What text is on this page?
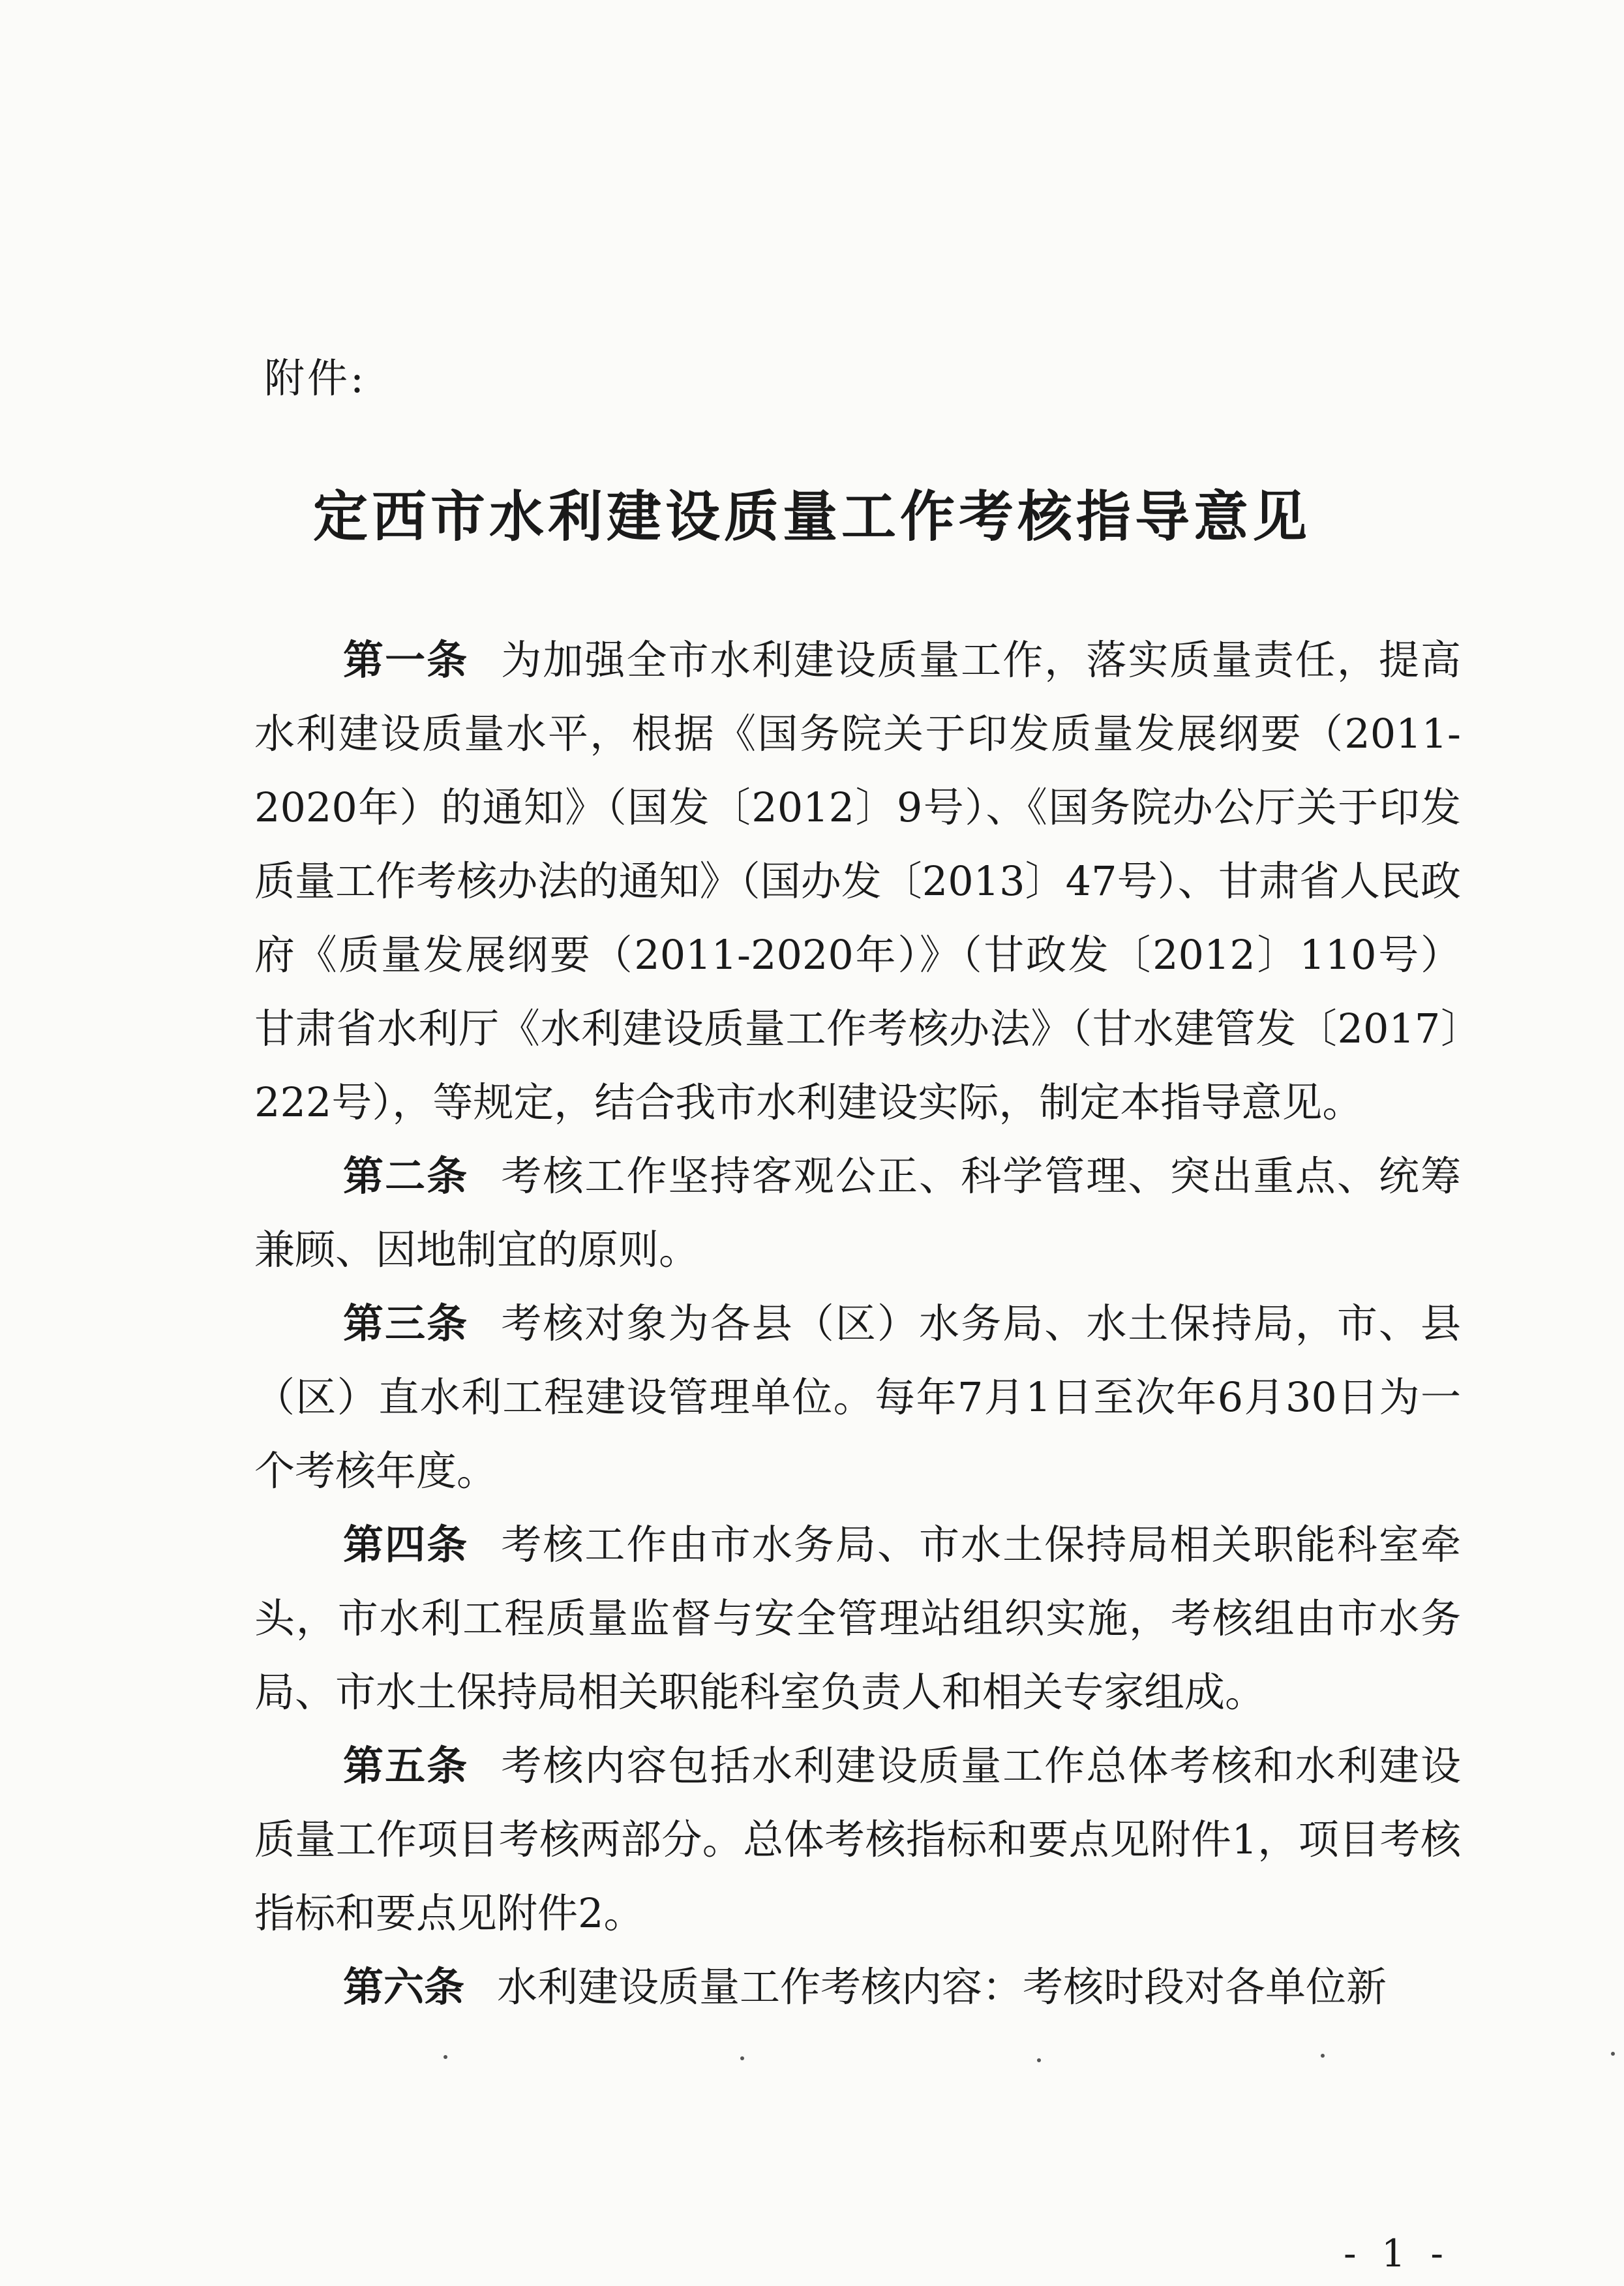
附件:
定西市水利建设质量工作考核指导意见

第一条 为加强全市水利建设质量工作，落实质量责任，提高水利建设质量水平，根据《国务院关于印发质量发展纲要（2011-2020年）的通知》（国发〔2012〕9号）、《国务院办公厅关于印发质量工作考核办法的通知》（国办发〔2013〕47号）、甘肃省人民政府《质量发展纲要（2011-2020年）》（甘政发〔2012〕110号）甘肃省水利厅《水利建设质量工作考核办法》（甘水建管发〔2017〕222号），等规定，结合我市水利建设实际，制定本指导意见。

第二条 考核工作坚持客观公正、科学管理、突出重点、统筹兼顾、因地制宜的原则。

第三条 考核对象为各县（区）水务局、水土保持局，市、县（区）直水利工程建设管理单位。每年7月1日至次年6月30日为一个考核年度。

第四条 考核工作由市水务局、市水土保持局相关职能科室牵头，市水利工程质量监督与安全管理站组织实施，考核组由市水务局、市水土保持局相关职能科室负责人和相关专家组成。

第五条 考核内容包括水利建设质量工作总体考核和水利建设质量工作项目考核两部分。总体考核指标和要点见附件1，项目考核指标和要点见附件2。

第六条 水利建设质量工作考核内容：考核时段对各单位新

- 1 -
